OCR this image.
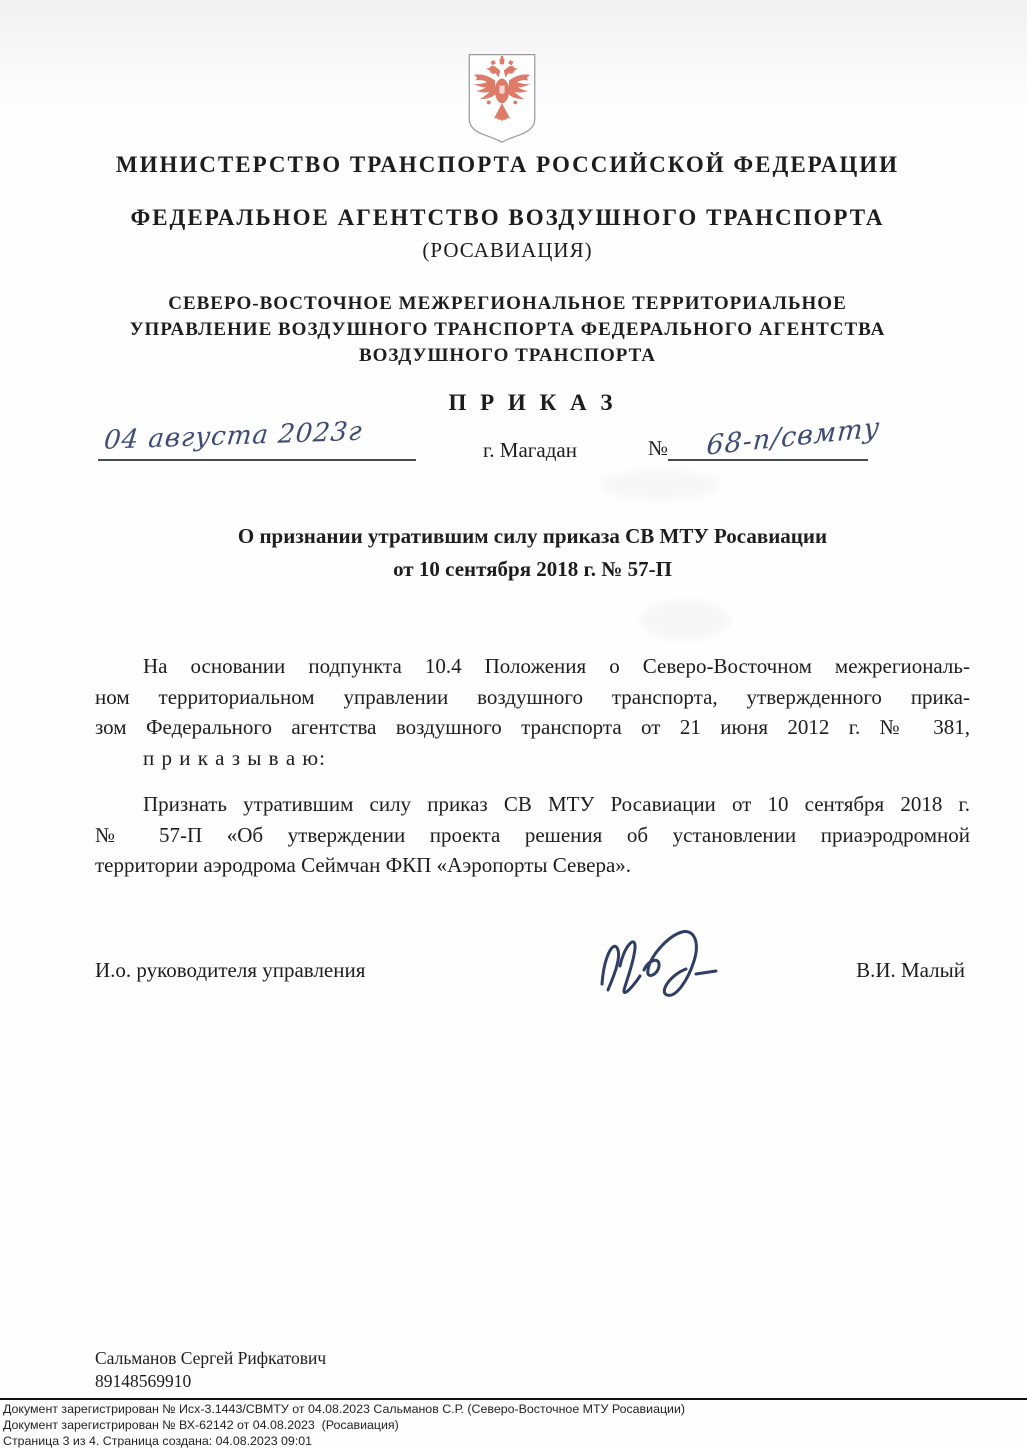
МИНИСТЕРСТВО ТРАНСПОРТА РОССИЙСКОЙ ФЕДЕРАЦИИ
ФЕДЕРАЛЬНОЕ АГЕНТСТВО ВОЗДУШНОГО ТРАНСПОРТА
(РОСАВИАЦИЯ)
СЕВЕРО-ВОСТОЧНОЕ МЕЖРЕГИОНАЛЬНОЕ ТЕРРИТОРИАЛЬНОЕ
УПРАВЛЕНИЕ ВОЗДУШНОГО ТРАНСПОРТА ФЕДЕРАЛЬНОГО АГЕНТСТВА
ВОЗДУШНОГО ТРАНСПОРТА
П Р И К А З
04 августа 2023г	г. Магадан	№ 68-п/свмту
О признании утратившим силу приказа СВ МТУ Росавиации
от 10 сентября 2018 г. № 57-П
На основании подпункта 10.4 Положения о Северо-Восточном межрегиональ-
ном территориальном управлении воздушного транспорта, утвержденного прика-
зом Федерального агентства воздушного транспорта от 21 июня 2012 г. № 381,
п р и к а з ы в а ю:
Признать утратившим силу приказ СВ МТУ Росавиации от 10 сентября 2018 г.
№ 57-П «Об утверждении проекта решения об установлении приаэродромной
территории аэродрома Сеймчан ФКП «Аэропорты Севера».
И.о. руководителя управления	В.И. Малый
Сальманов Сергей Рифкатович
89148569910
Документ зарегистрирован № Исх-3.1443/СВМТУ от 04.08.2023 Сальманов С.Р. (Северо-Восточное МТУ Росавиации)
Документ зарегистрирован № ВХ-62142 от 04.08.2023  (Росавиация)
Страница 3 из 4. Страница создана: 04.08.2023 09:01
